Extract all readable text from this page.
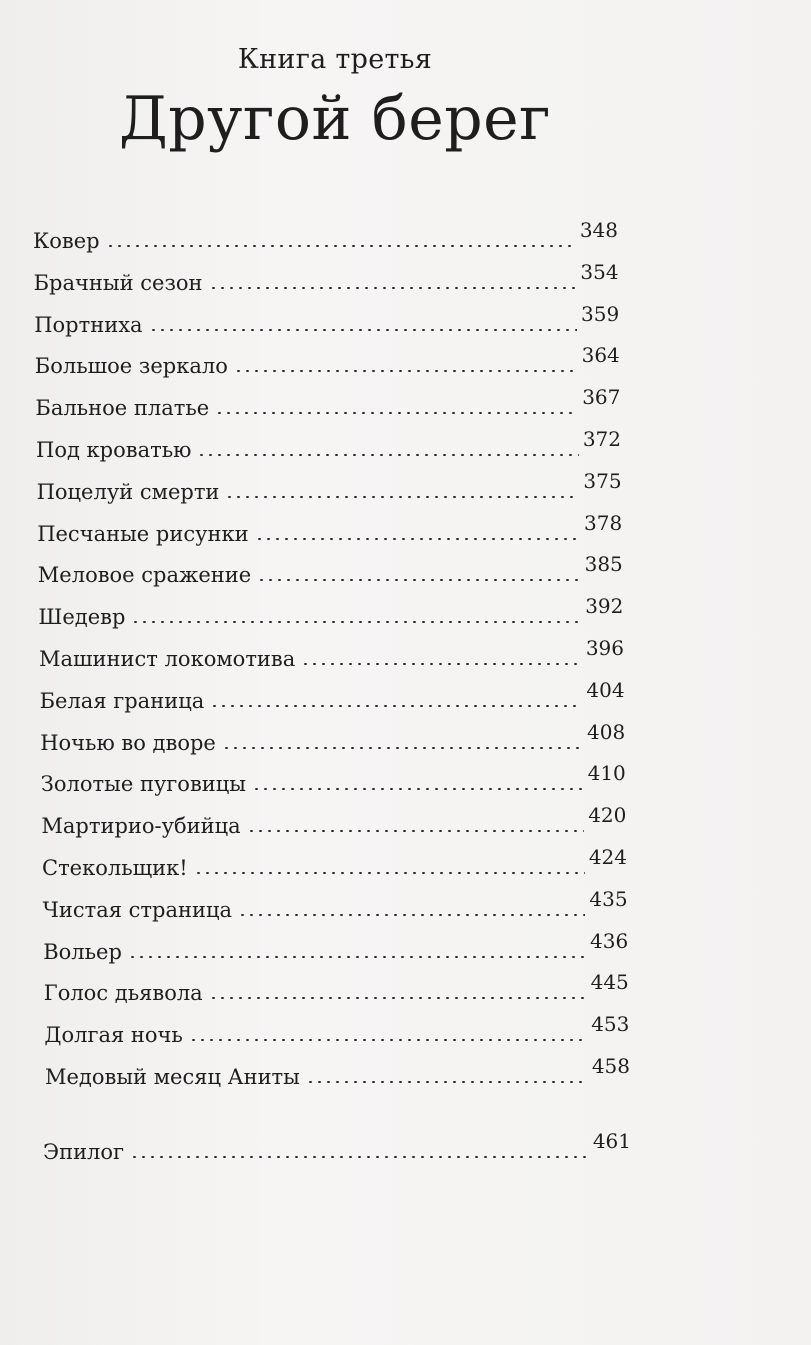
Книга третья
Другой берег
Ковер	348
Брачный сезон	354
Портниха	359
Большое зеркало	364
Бальное платье	367
Под кроватью	372
Поцелуй смерти	375
Песчаные рисунки	378
Меловое сражение	385
Шедевр	392
Машинист локомотива	396
Белая граница	404
Ночью во дворе	408
Золотые пуговицы	410
Мартирио-убийца	420
Стекольщик!	424
Чистая страница	435
Вольер	436
Голос дьявола	445
Долгая ночь	453
Медовый месяц Аниты	458
Эпилог	461
